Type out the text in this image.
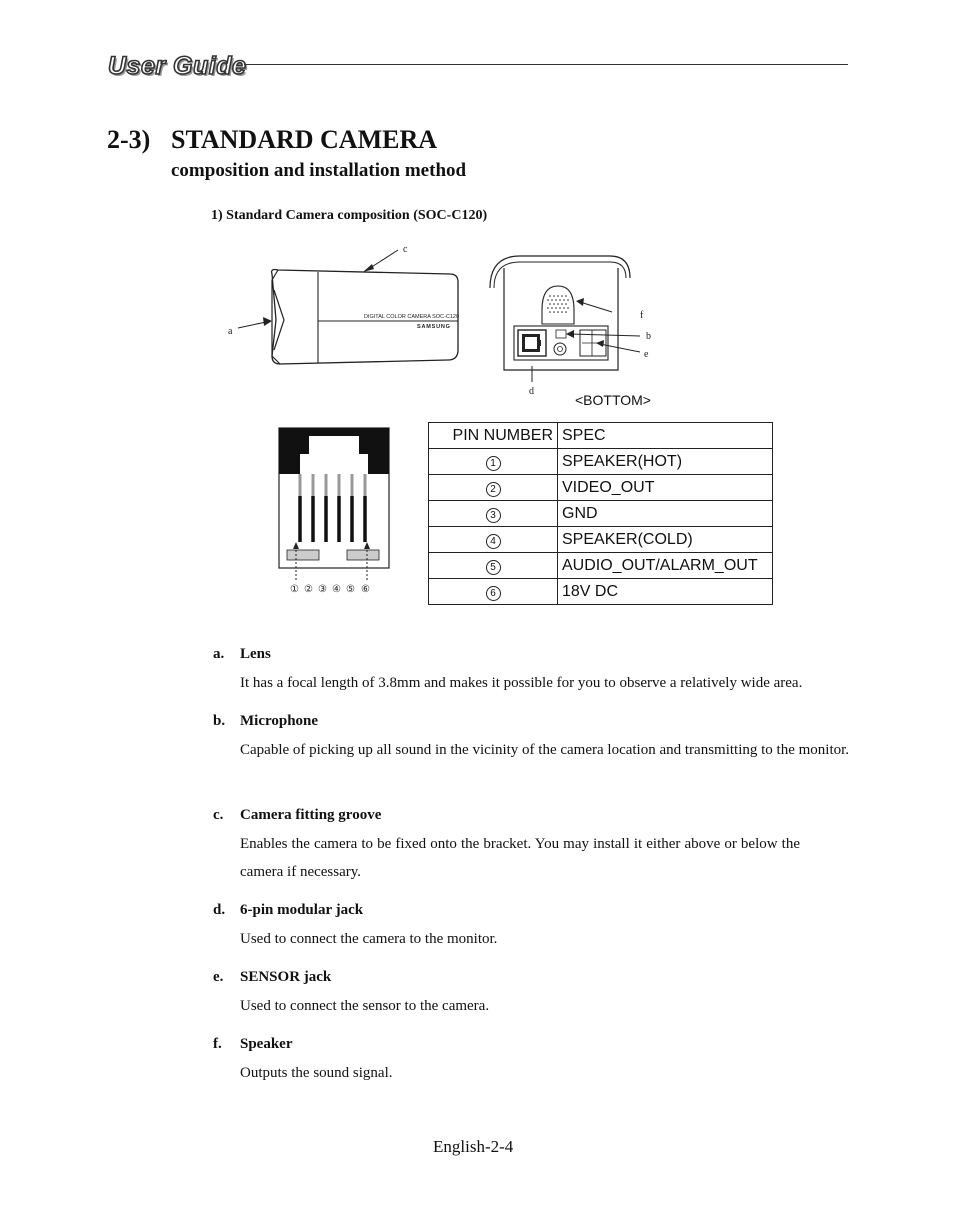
User Guide
2-3) STANDARD CAMERA
composition and installation method
1) Standard Camera composition (SOC-C120)
DIGITAL COLOR CAMERA SOC-C120
SAMSUNG
c
a
d
f
b
e
<BOTTOM>
① ② ③ ④ ⑤ ⑥
PIN NUMBER	SPEC
1	SPEAKER(HOT)
2	VIDEO_OUT
3	GND
4	SPEAKER(COLD)
5	AUDIO_OUT/ALARM_OUT
6	18V DC
a. Lens
It has a focal length of 3.8mm and makes it possible for you to observe a relatively wide area.
b. Microphone
Capable of picking up all sound in the vicinity of the camera location and transmitting to the monitor.
c. Camera fitting groove
Enables the camera to be fixed onto the bracket. You may install it either above or below the camera if necessary.
d. 6-pin modular jack
Used to connect the camera to the monitor.
e. SENSOR jack
Used to connect the sensor to the camera.
f. Speaker
Outputs the sound signal.
English-2-4
